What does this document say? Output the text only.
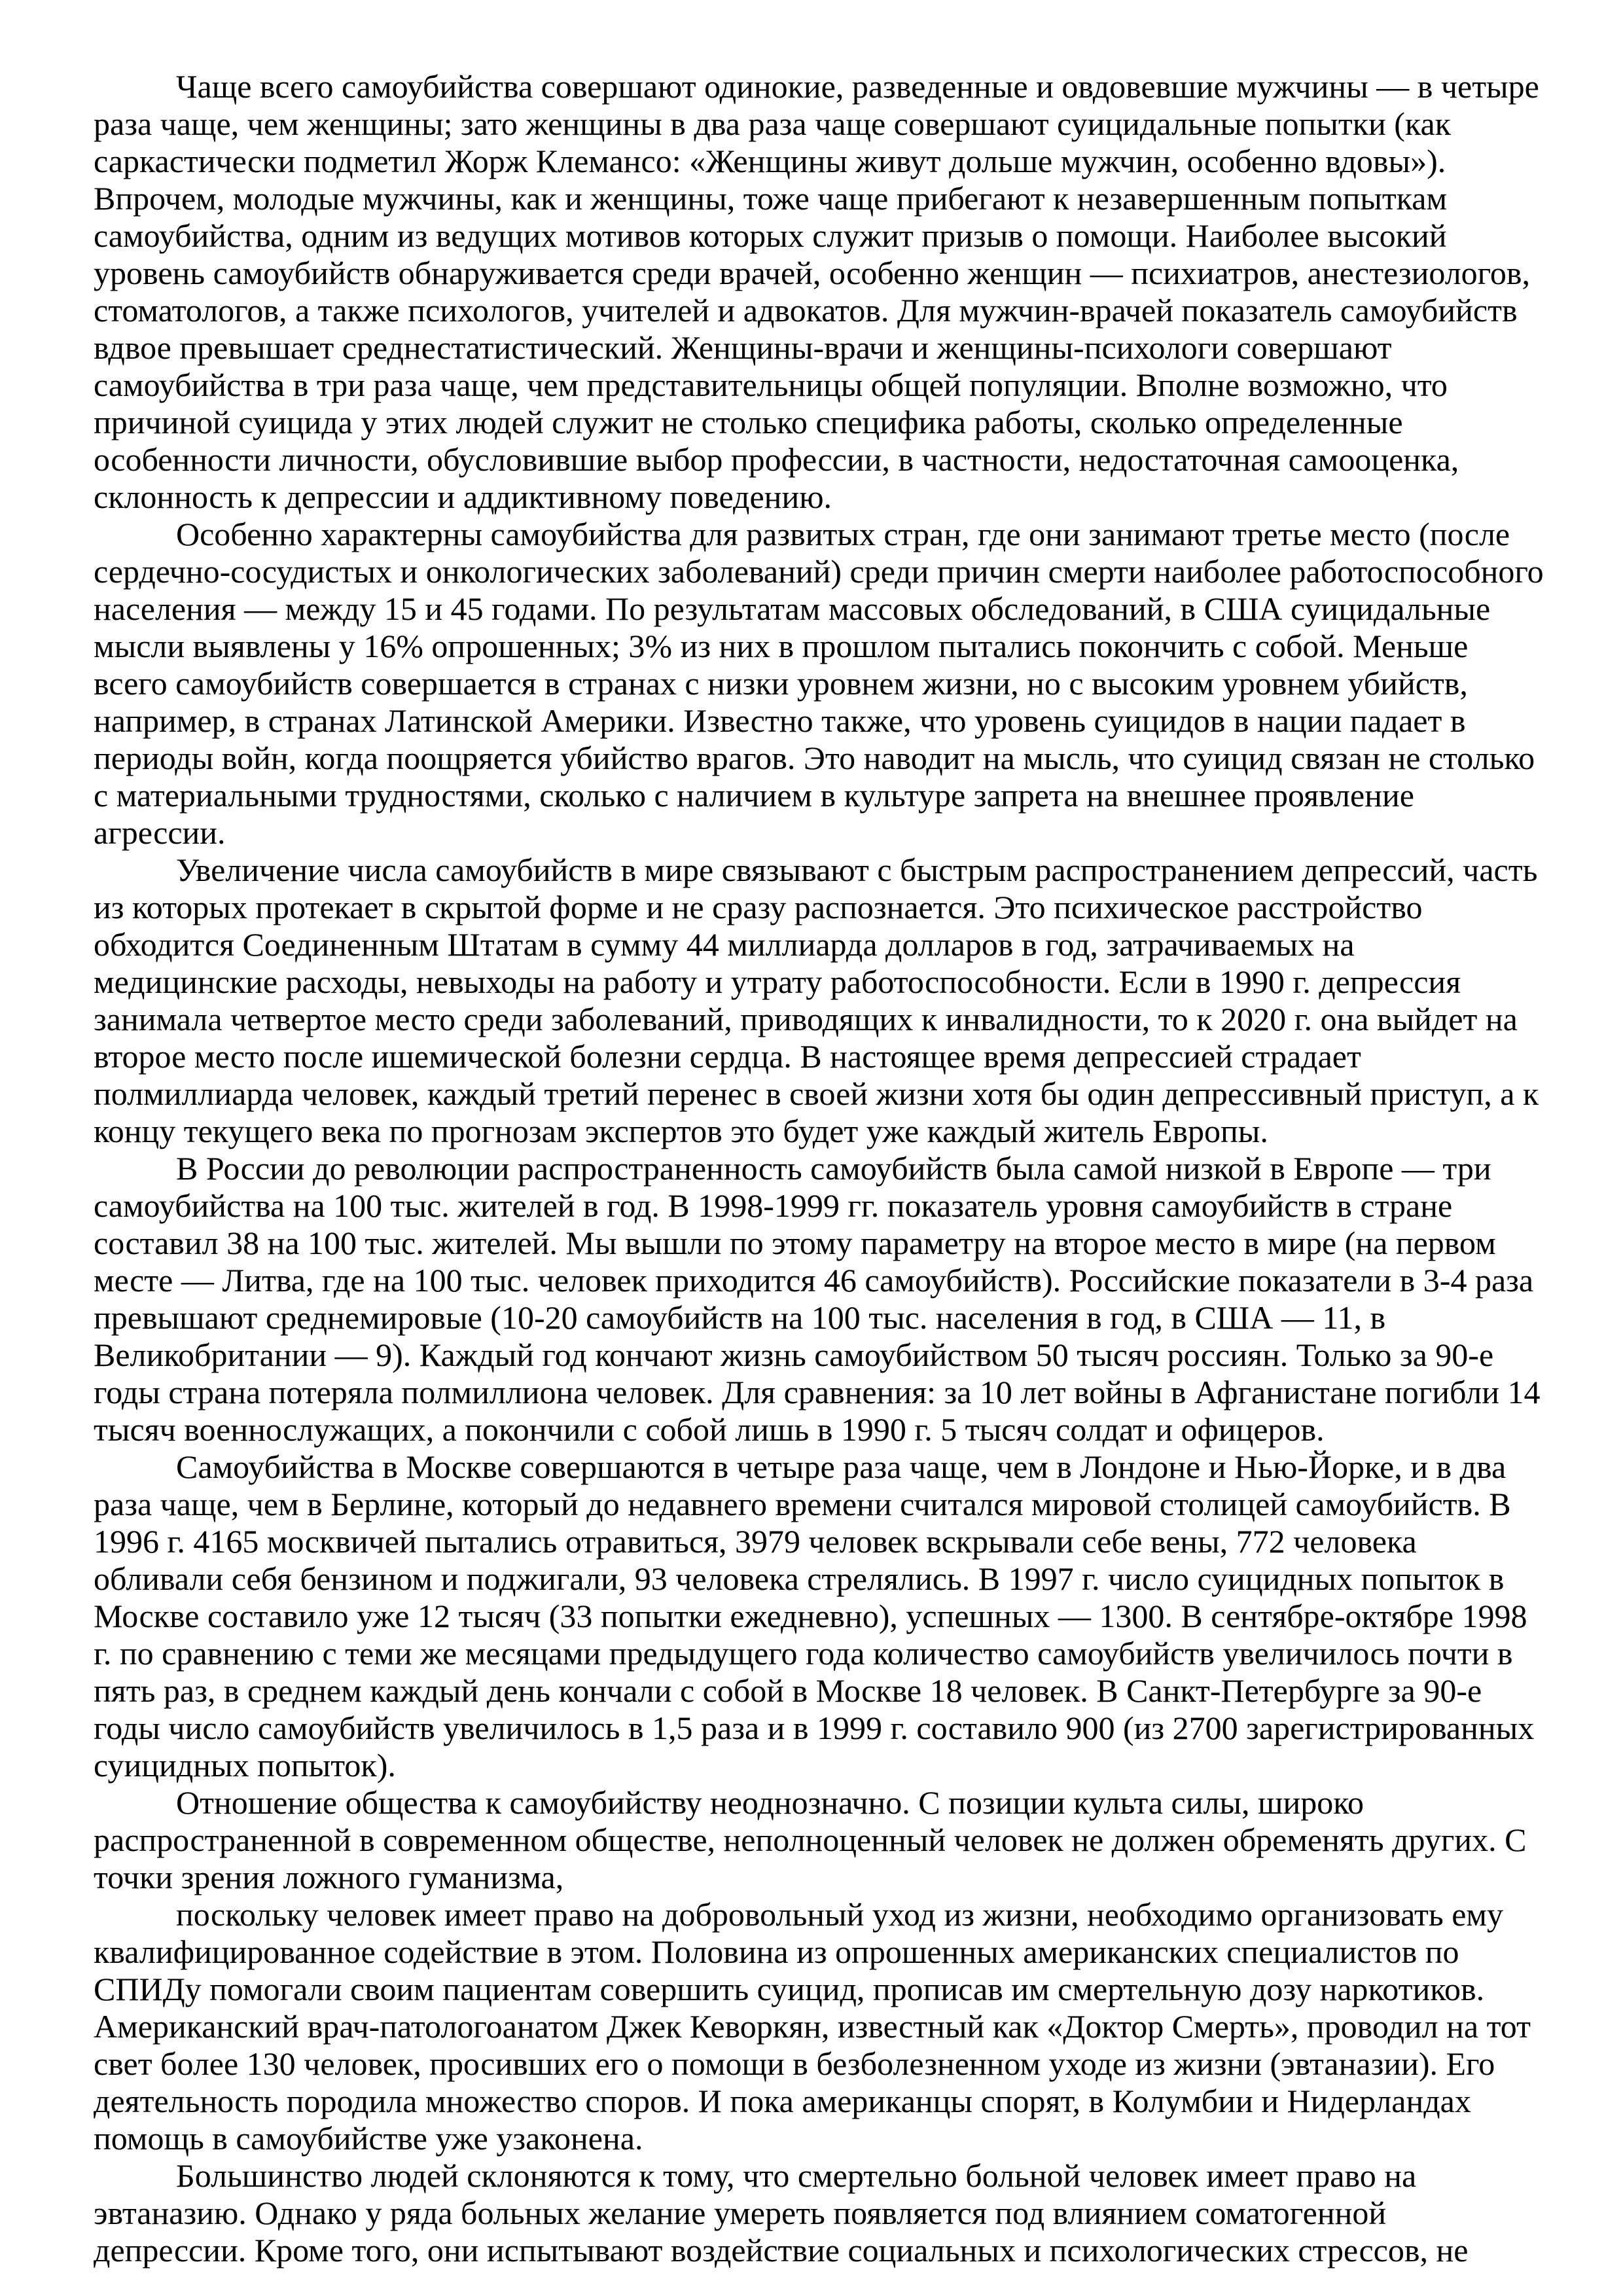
Чаще всего самоубийства совершают одинокие, разведенные и овдовевшие мужчины — в четыре раза чаще, чем женщины; зато женщины в два раза чаще совершают суицидальные попытки (как саркастически подметил Жорж Клемансо: «Женщины живут дольше мужчин, особенно вдовы»). Впрочем, молодые мужчины, как и женщины, тоже чаще прибегают к незавершенным попыткам самоубийства, одним из ведущих мотивов которых служит призыв о помощи. Наиболее высокий уровень самоубийств обнаруживается среди врачей, особенно женщин — психиатров, анестезиологов, стоматологов, а также психологов, учителей и адвокатов. Для мужчин-врачей показатель самоубийств вдвое превышает среднестатистический. Женщины-врачи и женщины-психологи совершают самоубийства в три раза чаще, чем представительницы общей популяции. Вполне возможно, что причиной суицида у этих людей служит не столько специфика работы, сколько определенные особенности личности, обусловившие выбор профессии, в частности, недостаточная самооценка, склонность к депрессии и аддиктивному поведению.

Особенно характерны самоубийства для развитых стран, где они занимают третье место (после сердечно-сосудистых и онкологических заболеваний) среди причин смерти наиболее работоспособного населения — между 15 и 45 годами. По результатам массовых обследований, в США суицидальные мысли выявлены у 16% опрошенных; 3% из них в прошлом пытались покончить с собой. Меньше всего самоубийств совершается в странах с низки уровнем жизни, но с высоким уровнем убийств, например, в странах Латинской Америки. Известно также, что уровень суицидов в нации падает в периоды войн, когда поощряется убийство врагов. Это наводит на мысль, что суицид связан не столько с материальными трудностями, сколько с наличием в культуре запрета на внешнее проявление агрессии.

Увеличение числа самоубийств в мире связывают с быстрым распространением депрессий, часть из которых протекает в скрытой форме и не сразу распознается. Это психическое расстройство обходится Соединенным Штатам в сумму 44 миллиарда долларов в год, затрачиваемых на медицинские расходы, невыходы на работу и утрату работоспособности. Если в 1990 г. депрессия занимала четвертое место среди заболеваний, приводящих к инвалидности, то к 2020 г. она выйдет на второе место после ишемической болезни сердца. В настоящее время депрессией страдает полмиллиарда человек, каждый третий перенес в своей жизни хотя бы один депрессивный приступ, а к концу текущего века по прогнозам экспертов это будет уже каждый житель Европы.

В России до революции распространенность самоубийств была самой низкой в Европе — три самоубийства на 100 тыс. жителей в год. В 1998-1999 гг. показатель уровня самоубийств в стране составил 38 на 100 тыс. жителей. Мы вышли по этому параметру на второе место в мире (на первом месте — Литва, где на 100 тыс. человек приходится 46 самоубийств). Российские показатели в 3-4 раза превышают среднемировые (10-20 самоубийств на 100 тыс. населения в год, в США — 11, в Великобритании — 9). Каждый год кончают жизнь самоубийством 50 тысяч россиян. Только за 90-е годы страна потеряла полмиллиона человек. Для сравнения: за 10 лет войны в Афганистане погибли 14 тысяч военнослужащих, а покончили с собой лишь в 1990 г. 5 тысяч солдат и офицеров.

Самоубийства в Москве совершаются в четыре раза чаще, чем в Лондоне и Нью-Йорке, и в два раза чаще, чем в Берлине, который до недавнего времени считался мировой столицей самоубийств. В 1996 г. 4165 москвичей пытались отравиться, 3979 человек вскрывали себе вены, 772 человека обливали себя бензином и поджигали, 93 человека стрелялись. В 1997 г. число суицидных попыток в Москве составило уже 12 тысяч (33 попытки ежедневно), успешных — 1300. В сентябре-октябре 1998 г. по сравнению с теми же месяцами предыдущего года количество самоубийств увеличилось почти в пять раз, в среднем каждый день кончали с собой в Москве 18 человек. В Санкт-Петербурге за 90-е годы число самоубийств увеличилось в 1,5 раза и в 1999 г. составило 900 (из 2700 зарегистрированных суицидных попыток).

Отношение общества к самоубийству неоднозначно. С позиции культа силы, широко распространенной в современном обществе, неполноценный человек не должен обременять других. С точки зрения ложного гуманизма,

поскольку человек имеет право на добровольный уход из жизни, необходимо организовать ему квалифицированное содействие в этом. Половина из опрошенных американских специалистов по СПИДу помогали своим пациентам совершить суицид, прописав им смертельную дозу наркотиков. Американский врач-патологоанатом Джек Кеворкян, известный как «Доктор Смерть», проводил на тот свет более 130 человек, просивших его о помощи в безболезненном уходе из жизни (эвтаназии). Его деятельность породила множество споров. И пока американцы спорят, в Колумбии и Нидерландах помощь в самоубийстве уже узаконена.

Большинство людей склоняются к тому, что смертельно больной человек имеет право на эвтаназию. Однако у ряда больных желание умереть появляется под влиянием соматогенной депрессии. Кроме того, они испытывают воздействие социальных и психологических стрессов, не
